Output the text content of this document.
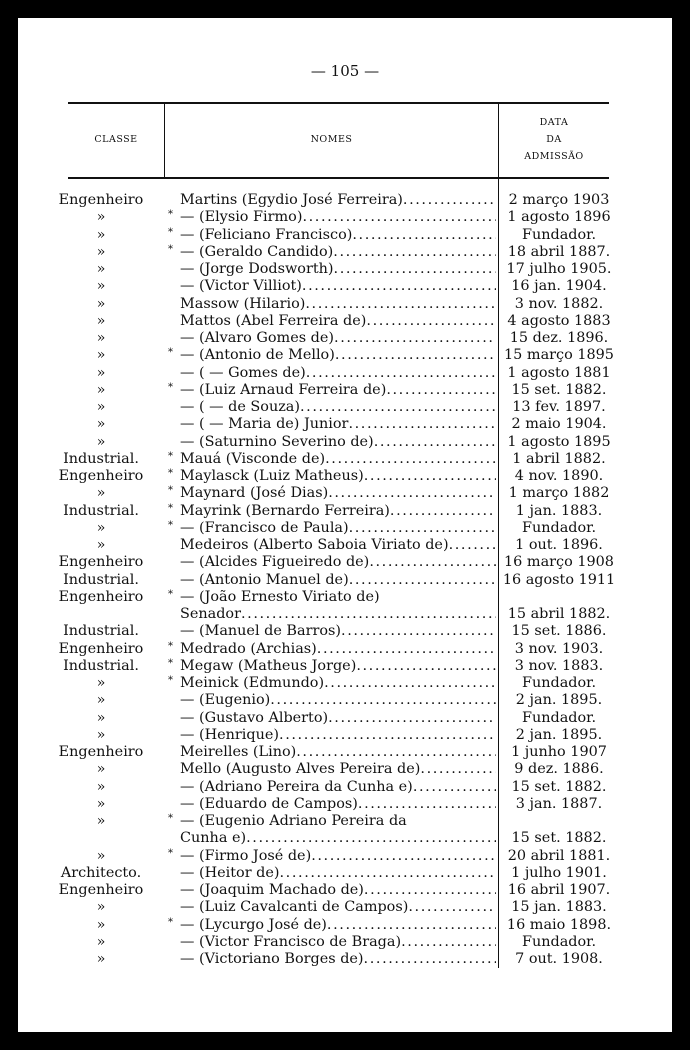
— 105 —
CLASSE	NOMES
DATA
DA
ADMISSÃO
Engenheiro	Martins (Egydio José Ferreira) .....	2 março 1903
»	* — (Elysio Firmo) .....	1 agosto 1896
»	* — (Feliciano Francisco) .....	Fundador.
»	* — (Geraldo Candido) .....	18 abril 1887.
»	— (Jorge Dodsworth) .....	17 julho 1905.
»	— (Victor Villiot) .....	16 jan. 1904.
»	Massow (Hilario) .....	3 nov. 1882.
»	Mattos (Abel Ferreira de) .....	4 agosto 1883
»	— (Alvaro Gomes de) .....	15 dez. 1896.
»	* — (Antonio de Mello) .....	15 março 1895
»	— ( — Gomes de) .....	1 agosto 1881
»	* — (Luiz Arnaud Ferreira de) .....	15 set. 1882.
»	— ( — de Souza) .....	13 fev. 1897.
»	— ( — Maria de) Junior .....	2 maio 1904.
»	— (Saturnino Severino de) .....	1 agosto 1895
Industrial.	* Mauá (Visconde de) .....	1 abril 1882.
Engenheiro	* Maylasck (Luiz Matheus) .....	4 nov. 1890.
»	* Maynard (José Dias) .....	1 março 1882
Industrial.	* Mayrink (Bernardo Ferreira) .....	1 jan. 1883.
»	* — (Francisco de Paula) .....	Fundador.
»	Medeiros (Alberto Saboia Viriato de) .....	1 out. 1896.
Engenheiro	— (Alcides Figueiredo de) .....	16 março 1908
Industrial.	— (Antonio Manuel de) .....	16 agosto 1911
Engenheiro	* — (João Ernesto Viriato de)
Senador .....	15 abril 1882.
Industrial.	— (Manuel de Barros) .....	15 set. 1886.
Engenheiro	* Medrado (Archias) .....	3 nov. 1903.
Industrial.	* Megaw (Matheus Jorge) .....	3 nov. 1883.
»	* Meinick (Edmundo) .....	Fundador.
»	— (Eugenio) .....	2 jan. 1895.
»	— (Gustavo Alberto) .....	Fundador.
»	— (Henrique) .....	2 jan. 1895.
Engenheiro	Meirelles (Lino) .....	1 junho 1907
»	Mello (Augusto Alves Pereira de) .....	9 dez. 1886.
»	— (Adriano Pereira da Cunha e) .....	15 set. 1882.
»	— (Eduardo de Campos) .....	3 jan. 1887.
»	* — (Eugenio Adriano Pereira da
Cunha e) .....	15 set. 1882.
»	* — (Firmo José de) .....	20 abril 1881.
Architecto.	— (Heitor de) .....	1 julho 1901.
Engenheiro	— (Joaquim Machado de) .....	16 abril 1907.
»	— (Luiz Cavalcanti de Campos) .....	15 jan. 1883.
»	* — (Lycurgo José de) .....	16 maio 1898.
»	— (Victor Francisco de Braga) .....	Fundador.
»	— (Victoriano Borges de) .....	7 out. 1908.
